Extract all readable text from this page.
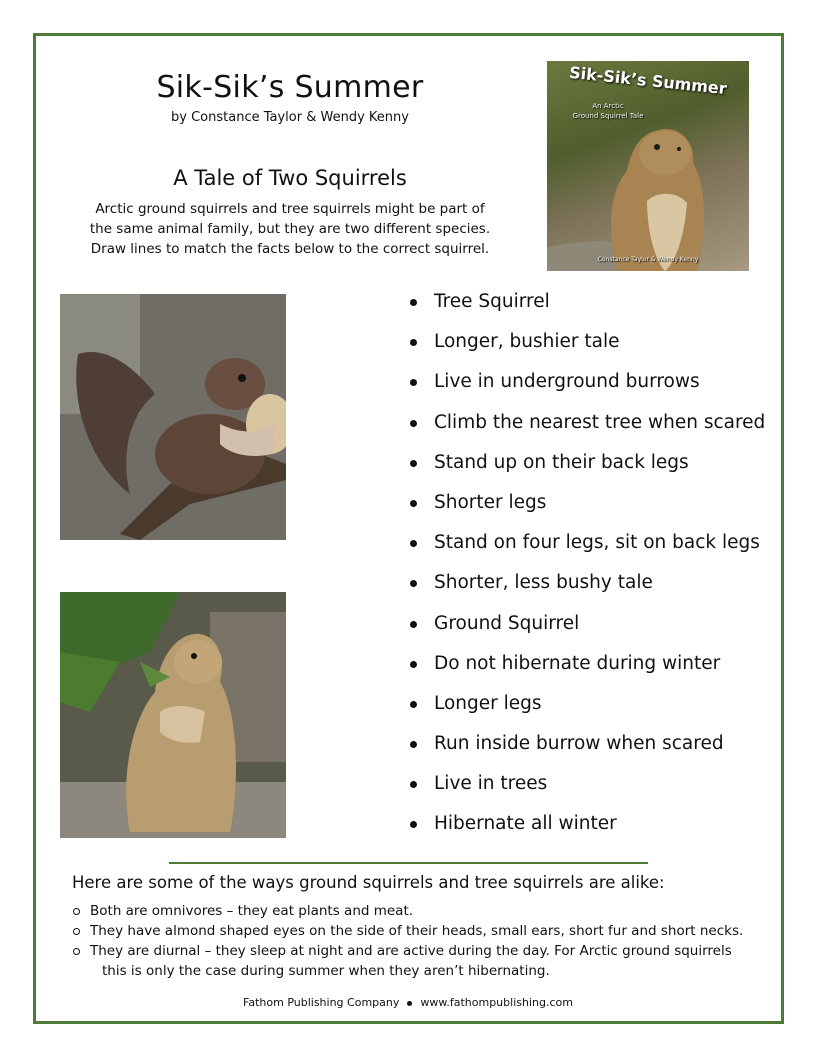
Sik-Sik’s Summer
by Constance Taylor & Wendy Kenny
A Tale of Two Squirrels
Arctic ground squirrels and tree squirrels might be part of
the same animal family, but they are two different species.
Draw lines to match the facts below to the correct squirrel.
Sik-Sik’s Summer
An Arctic
Ground Squirrel Tale
Constance Taylor & Wendy Kenny
Tree Squirrel
Longer, bushier tale
Live in underground burrows
Climb the nearest tree when scared
Stand up on their back legs
Shorter legs
Stand on four legs, sit on back legs
Shorter, less bushy tale
Ground Squirrel
Do not hibernate during winter
Longer legs
Run inside burrow when scared
Live in trees
Hibernate all winter
Here are some of the ways ground squirrels and tree squirrels are alike:
Both are omnivores – they eat plants and meat.
They have almond shaped eyes on the side of their heads, small ears, short fur and short necks.
They are diurnal – they sleep at night and are active during the day. For Arctic ground squirrels
this is only the case during summer when they aren’t hibernating.
Fathom Publishing Company www.fathompublishing.com
